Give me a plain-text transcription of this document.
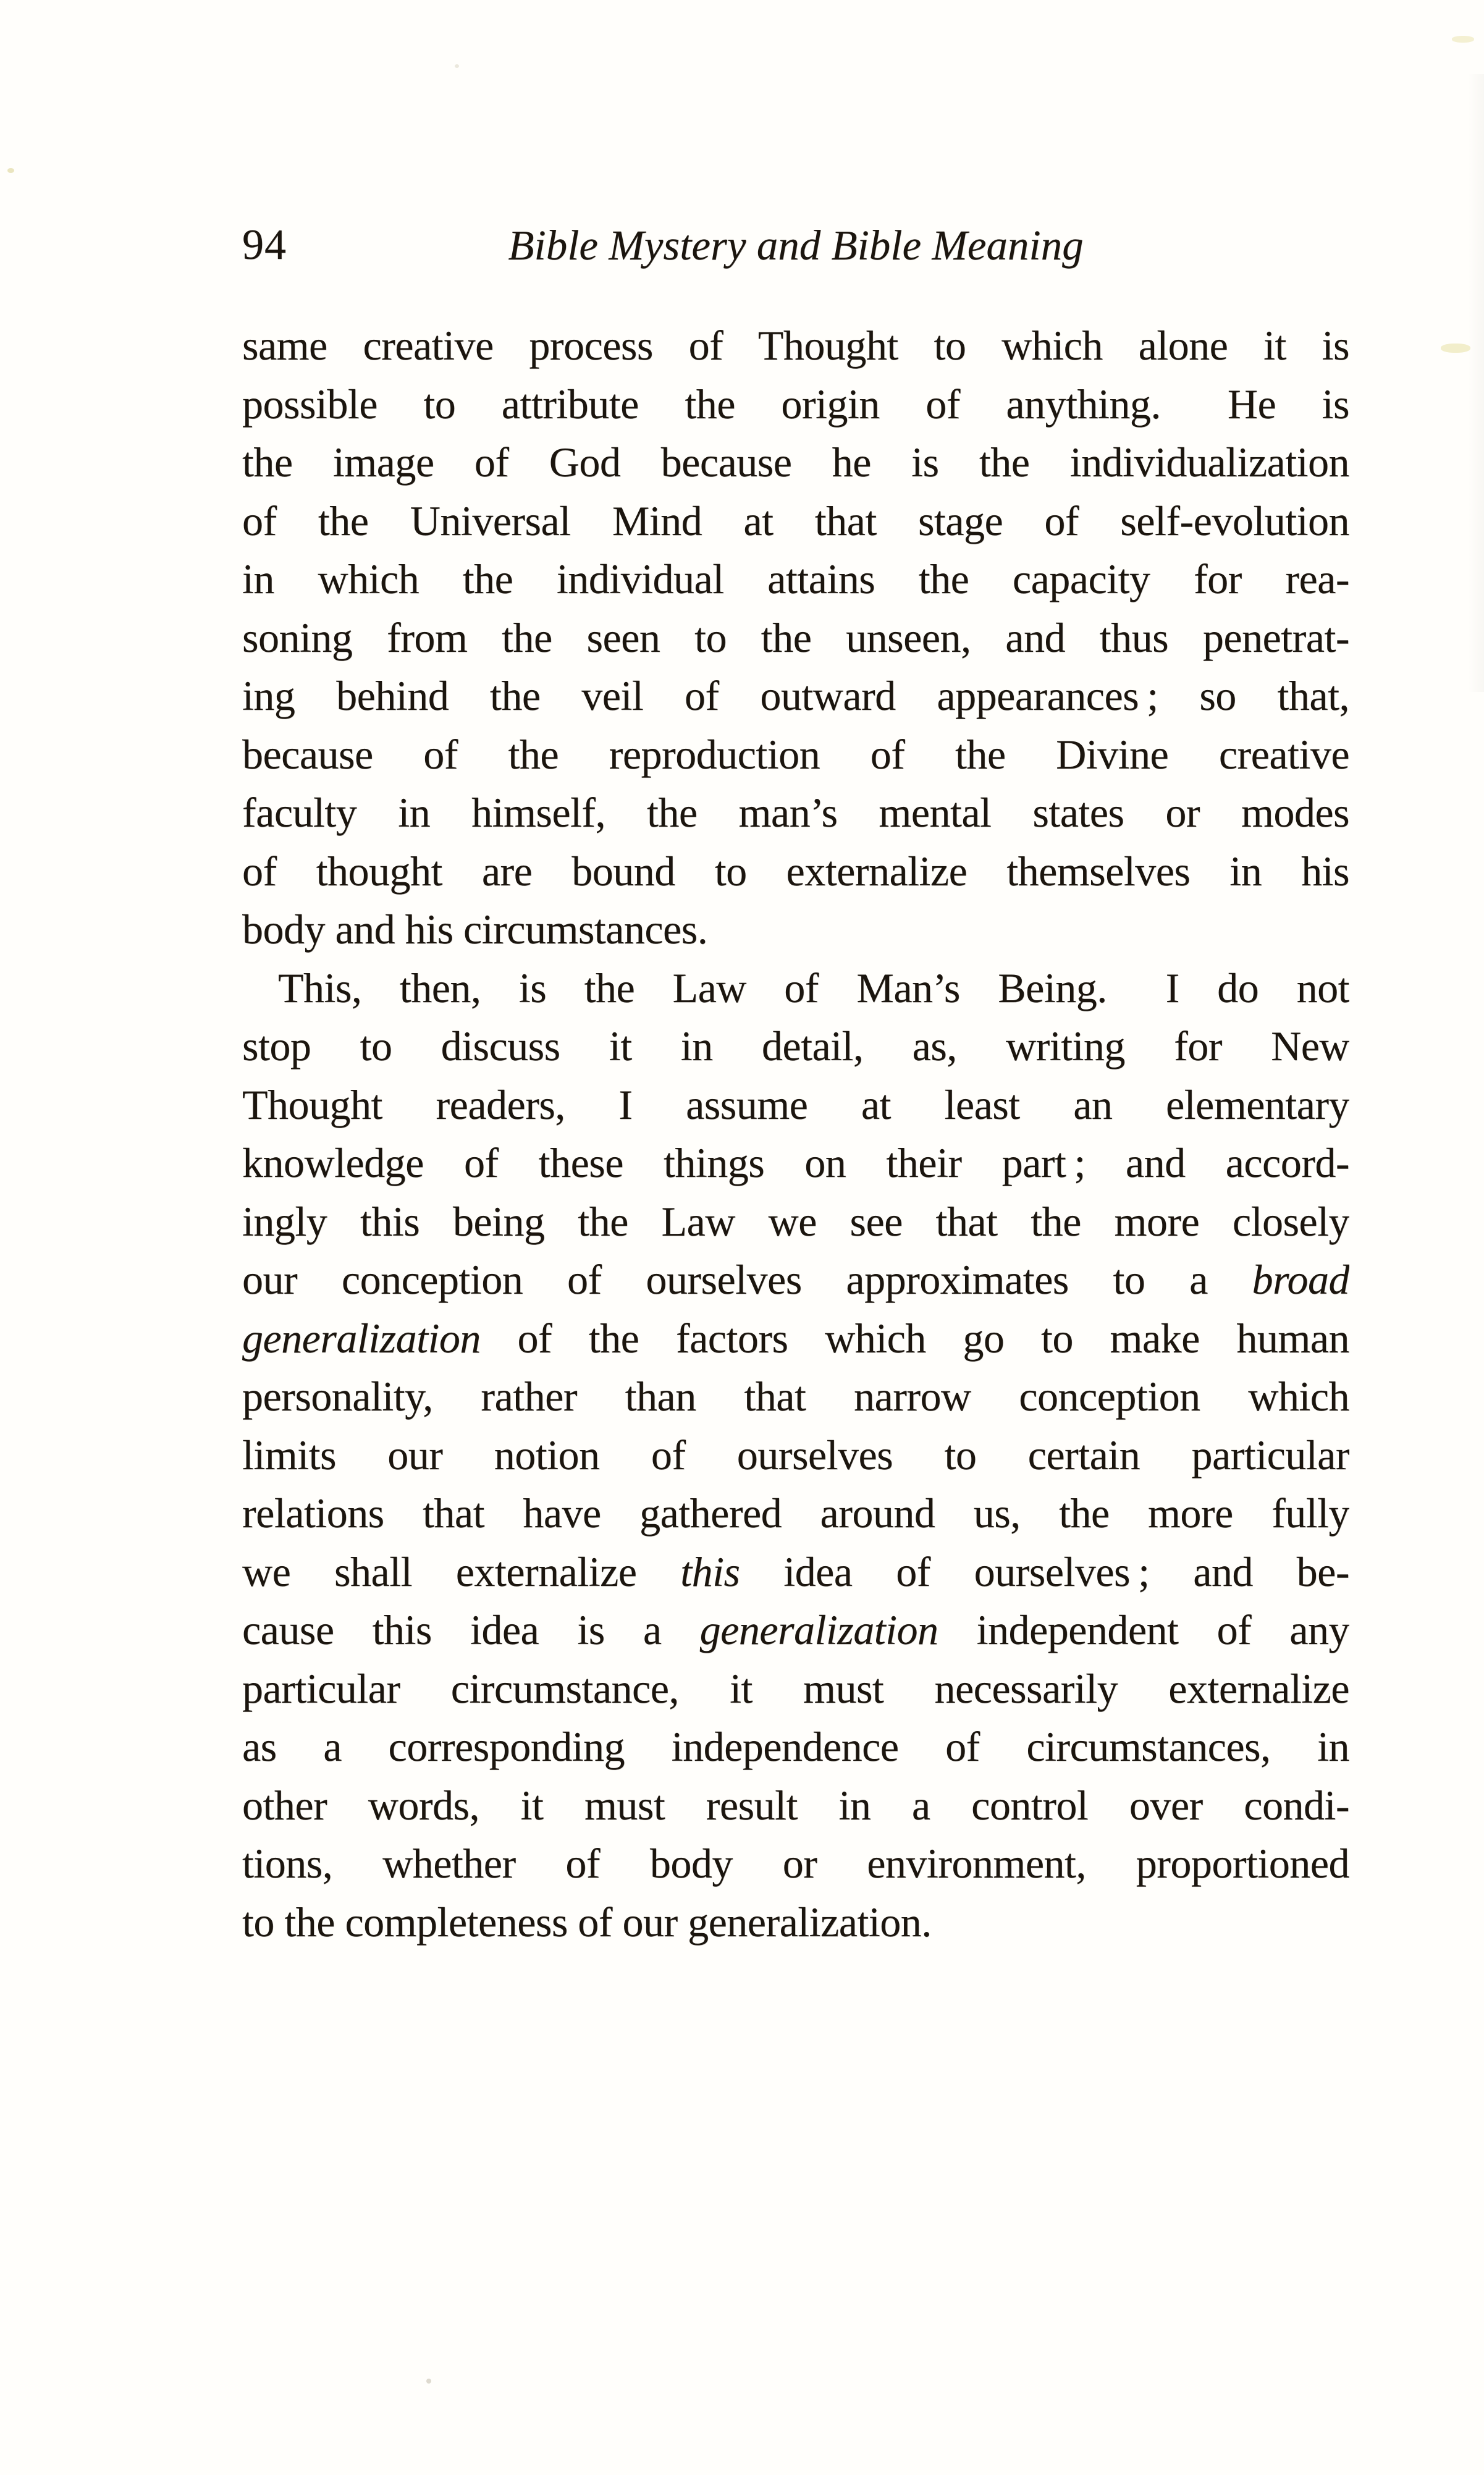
94	Bible Mystery and Bible Meaning
same creative process of Thought to which alone it is
possible to attribute the origin of anything.  He is
the image of God because he is the individualization
of the Universal Mind at that stage of self-evolution
in which the individual attains the capacity for rea-
soning from the seen to the unseen, and thus penetrat-
ing behind the veil of outward appearances ; so that,
because of the reproduction of the Divine creative
faculty in himself, the man’s mental states or modes
of thought are bound to externalize themselves in his
body and his circumstances.
This, then, is the Law of Man’s Being.  I do not
stop to discuss it in detail, as, writing for New
Thought readers, I assume at least an elementary
knowledge of these things on their part ; and accord-
ingly this being the Law we see that the more closely
our conception of ourselves approximates to a broad
generalization of the factors which go to make human
personality, rather than that narrow conception which
limits our notion of ourselves to certain particular
relations that have gathered around us, the more fully
we shall externalize this idea of ourselves ; and be-
cause this idea is a generalization independent of any
particular circumstance, it must necessarily externalize
as a corresponding independence of circumstances, in
other words, it must result in a control over condi-
tions, whether of body or environment, proportioned
to the completeness of our generalization.
